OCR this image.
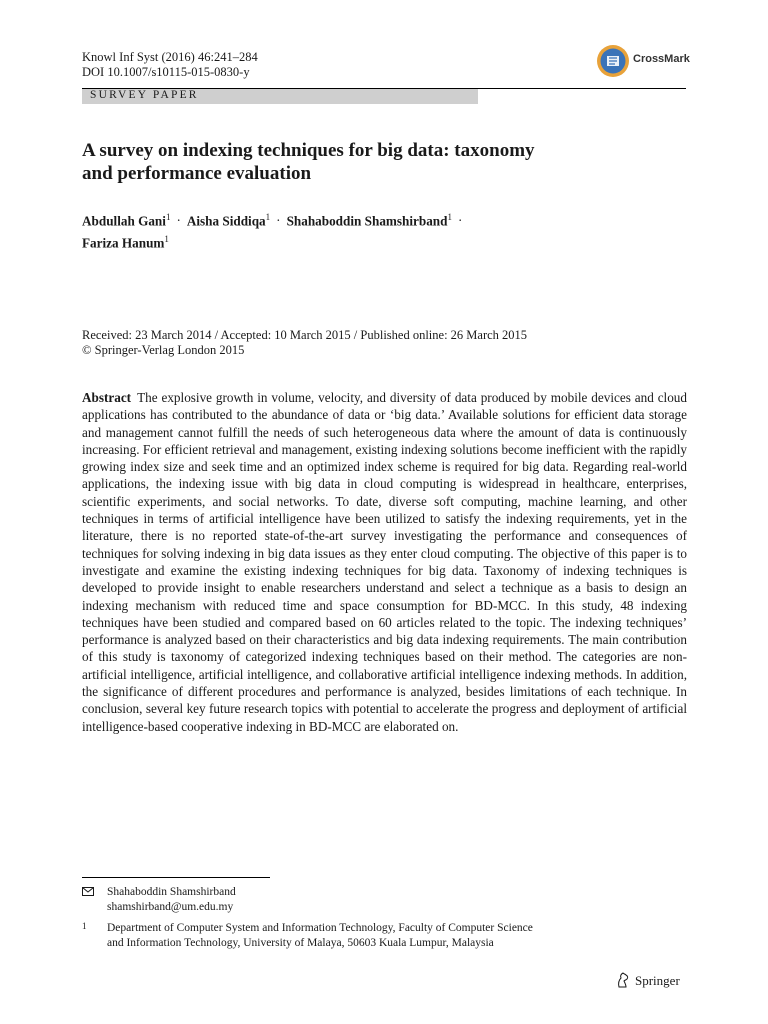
Knowl Inf Syst (2016) 46:241–284
DOI 10.1007/s10115-015-0830-y
CrossMark
SURVEY PAPER
A survey on indexing techniques for big data: taxonomy
and performance evaluation
Abdullah Gani$^1$ · Aisha Siddiqa$^1$ · Shahaboddin Shamshirband$^1$ ·
Fariza Hanum$^1$
Received: 23 March 2014 / Accepted: 10 March 2015 / Published online: 26 March 2015
© Springer-Verlag London 2015
Abstract The explosive growth in volume, velocity, and diversity of data produced by mobile devices and cloud applications has contributed to the abundance of data or ‘big data.’ Available solutions for efficient data storage and management cannot fulfill the needs of such heterogeneous data where the amount of data is continuously increasing. For efficient retrieval and management, existing indexing solutions become inefficient with the rapidly growing index size and seek time and an optimized index scheme is required for big data. Regarding real-world applications, the indexing issue with big data in cloud computing is widespread in healthcare, enterprises, scientific experiments, and social networks. To date, diverse soft computing, machine learning, and other techniques in terms of artificial intelligence have been utilized to satisfy the indexing requirements, yet in the literature, there is no reported state-of-the-art survey investigating the performance and consequences of techniques for solving indexing in big data issues as they enter cloud computing. The objective of this paper is to investigate and examine the existing indexing techniques for big data. Taxonomy of indexing techniques is developed to provide insight to enable researchers understand and select a technique as a basis to design an indexing mechanism with reduced time and space consumption for BD-MCC. In this study, 48 indexing techniques have been studied and compared based on 60 articles related to the topic. The indexing techniques’ performance is analyzed based on their characteristics and big data indexing requirements. The main contribution of this study is taxonomy of categorized indexing techniques based on their method. The categories are non-artificial intelligence, artificial intelligence, and collaborative artificial intelligence indexing methods. In addition, the significance of different procedures and performance is analyzed, besides limitations of each technique. In conclusion, several key future research topics with potential to accelerate the progress and deployment of artificial intelligence-based cooperative indexing in BD-MCC are elaborated on.
Shahaboddin Shamshirband
shamshirband@um.edu.my
1 Department of Computer System and Information Technology, Faculty of Computer Science
and Information Technology, University of Malaya, 50603 Kuala Lumpur, Malaysia
Springer
